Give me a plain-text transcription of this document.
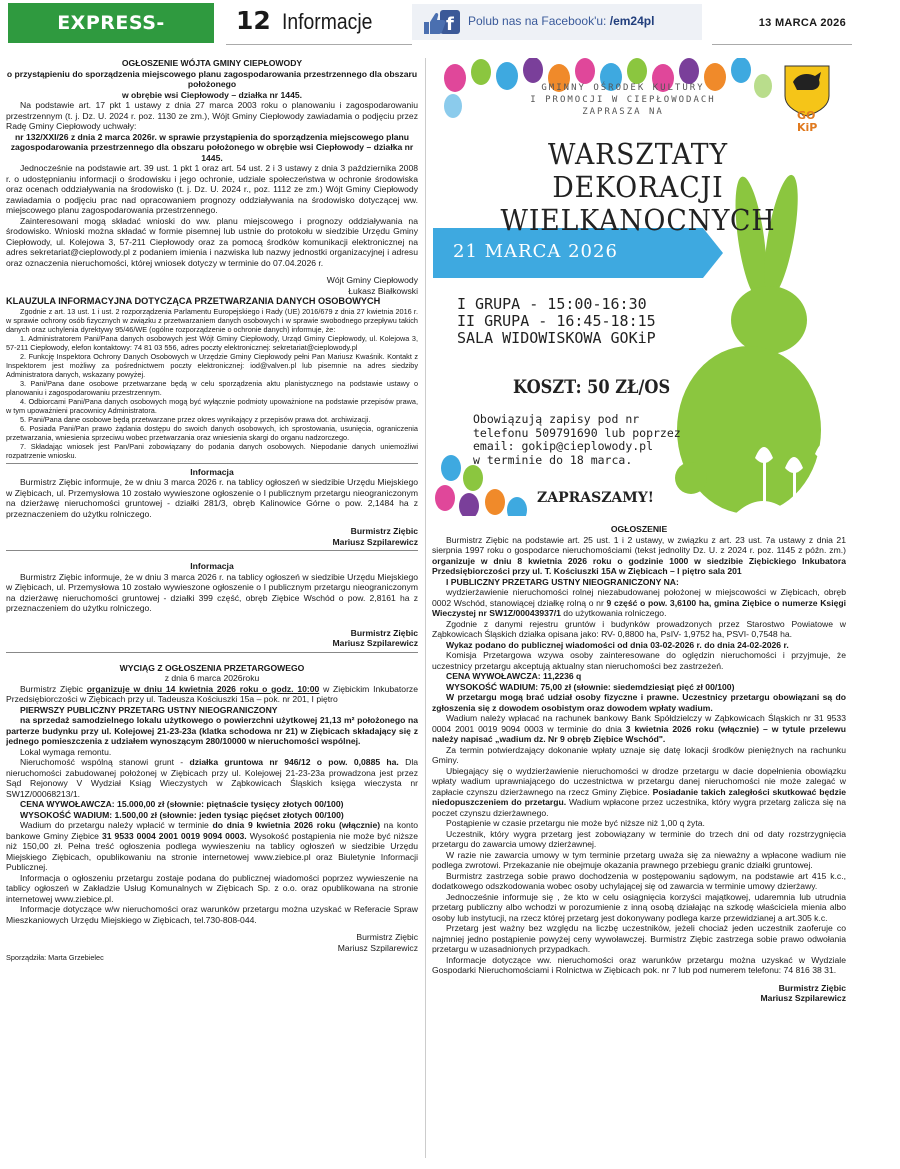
EXPRESS-MIEJSKI.PL
12 Informacje	f Polub nas na Facebook'u: /em24pl	13 MARCA 2026

OGŁOSZENIE WÓJTA GMINY CIEPŁOWODY

o przystąpieniu do sporządzenia miejscowego planu zagospodarowania przestrzennego dla obszaru położonego

w obrębie wsi Ciepłowody – działka nr 1445.

Na podstawie art. 17 pkt 1 ustawy z dnia 27 marca 2003 roku o planowaniu i zagospodarowaniu przestrzennym (t. j. Dz. U. 2024 r. poz. 1130 ze zm.), Wójt Gminy Ciepłowody zawiadamia o podjęciu przez Radę Gminy Ciepłowody uchwały:

nr 132/XXI/26 z dnia 2 marca 2026r. w sprawie przystąpienia do sporządzenia miejscowego planu zagospodarowania przestrzennego dla obszaru położonego w obrębie wsi Ciepłowody – działka nr 1445.

Jednocześnie na podstawie art. 39 ust. 1 pkt 1 oraz art. 54 ust. 2 i 3 ustawy z dnia 3 października 2008 r. o udostępnianiu informacji o środowisku i jego ochronie, udziale społeczeństwa w ochronie środowiska oraz ocenach oddziaływania na środowisko (t. j. Dz. U. 2024 r., poz. 1112 ze zm.) Wójt Gminy Ciepłowody zawiadamia o podjęciu prac nad opracowaniem prognozy oddziaływania na środowisko dotyczącej ww. miejscowego planu zagospodarowania przestrzennego.

Zainteresowani mogą składać wnioski do ww. planu miejscowego i prognozy oddziaływania na środowisko. Wnioski można składać w formie pisemnej lub ustnie do protokołu w siedzibie Urzędu Gminy Ciepłowody, ul. Kolejowa 3, 57-211 Ciepłowody oraz za pomocą środków komunikacji elektronicznej na adres sekretariat@cieplowody.pl z podaniem imienia i nazwiska lub nazwy jednostki organizacyjnej i adresu oraz oznaczenia nieruchomości, której wniosek dotyczy w terminie do 07.04.2026 r.

Wójt Gminy Ciepłowody

Łukasz Białkowski

KLAUZULA INFORMACYJNA DOTYCZĄCA PRZETWARZANIA DANYCH OSOBOWYCH

Zgodnie z art. 13 ust. 1 i ust. 2 rozporządzenia Parlamentu Europejskiego i Rady (UE) 2016/679 z dnia 27 kwietnia 2016 r. w sprawie ochrony osób fizycznych w związku z przetwarzaniem danych osobowych i w sprawie swobodnego przepływu takich danych oraz uchylenia dyrektywy 95/46/WE (ogólne rozporządzenie o ochronie danych) informuje, że:

1. Administratorem Pani/Pana danych osobowych jest Wójt Gminy Ciepłowody, Urząd Gminy Ciepłowody, ul. Kolejowa 3, 57-211 Ciepłowody, elefon kontaktowy: 74 81 03 556, adres poczty elektronicznej: sekretariat@cieplowody.pl

2. Funkcję Inspektora Ochrony Danych Osobowych w Urzędzie Gminy Ciepłowody pełni Pan Mariusz Kwaśnik. Kontakt z Inspektorem jest możliwy za pośrednictwem poczty elektronicznej: iod@valven.pl lub pisemnie na adres siedziby Administratora danych, wskazany powyżej.

3. Pani/Pana dane osobowe przetwarzane będą w celu sporządzenia aktu planistycznego na podstawie ustawy o planowaniu i zagospodarowaniu przestrzennym.

4. Odbiorcami Pani/Pana danych osobowych mogą być wyłącznie podmioty upoważnione na podstawie przepisów prawa, w tym upoważnieni pracownicy Administratora.

5. Pani/Pana dane osobowe będą przetwarzane przez okres wynikający z przepisów prawa dot. archiwizacji.

6. Posiada Pani/Pan prawo żądania dostępu do swoich danych osobowych, ich sprostowania, usunięcia, ograniczenia przetwarzania, wniesienia sprzeciwu wobec przetwarzania oraz wniesienia skargi do organu nadzorczego.

7. Składając wniosek jest Pan/Pani zobowiązany do podania danych osobowych. Niepodanie danych uniemożliwi rozpatrzenie wniosku.

Informacja

Burmistrz Ziębic informuje, że w dniu 3 marca 2026 r. na tablicy ogłoszeń w siedzibie Urzędu Miejskiego w Ziębicach, ul. Przemysłowa 10 zostało wywieszone ogłoszenie o I publicznym przetargu nieograniczonym na dzierżawę nieruchomości gruntowej - działki 281/3, obręb Kalinowice Górne o pow. 2,1484 ha z przeznaczeniem do użytku rolniczego.

Burmistrz Ziębic

Mariusz Szpilarewicz

Informacja

Burmistrz Ziębic informuje, że w dniu 3 marca 2026 r. na tablicy ogłoszeń w siedzibie Urzędu Miejskiego w Ziębicach, ul. Przemysłowa 10 zostało wywieszone ogłoszenie o I publicznym przetargu nieograniczonym na dzierżawę nieruchomości gruntowej - działki 399 część, obręb Ziębice Wschód o pow. 2,8161 ha z przeznaczeniem do użytku rolniczego.

Burmistrz Ziębic

Mariusz Szpilarewicz

WYCIĄG Z OGŁOSZENIA PRZETARGOWEGO

z dnia 6 marca 2026roku

Burmistrz Ziębic organizuje w dniu 14 kwietnia 2026 roku o godz. 10:00 w Ziębickim Inkubatorze Przedsiębiorczości w Ziębicach przy ul. Tadeusza Kościuszki 15a – pok. nr 201, I piętro

PIERWSZY PUBLICZNY PRZETARG USTNY NIEOGRANICZONY

na sprzedaż samodzielnego lokalu użytkowego o powierzchni użytkowej 21,13 m² położonego na parterze budynku przy ul. Kolejowej 21-23-23a (klatka schodowa nr 21) w Ziębicach składający się z jednego pomieszczenia z udziałem wynoszącym 280/10000 w nieruchomości wspólnej.

Lokal wymaga remontu.

Nieruchomość wspólną stanowi grunt - działka gruntowa nr 946/12 o pow. 0,0885 ha. Dla nieruchomości zabudowanej położonej w Ziębicach przy ul. Kolejowej 21-23-23a prowadzona jest przez Sąd Rejonowy V Wydział Ksiąg Wieczystych w Ząbkowicach Śląskich księga wieczysta nr SW1Z/00068213/1.

CENA WYWOŁAWCZA: 15.000,00 zł (słownie: piętnaście tysięcy złotych 00/100)

WYSOKOŚĆ WADIUM: 1.500,00 zł (słownie: jeden tysiąc pięćset złotych 00/100)

Wadium do przetargu należy wpłacić w terminie do dnia 9 kwietnia 2026 roku (włącznie) na konto bankowe Gminy Ziębice 31 9533 0004 2001 0019 9094 0003. Wysokość postąpienia nie może być niższe niż 150,00 zł. Pełna treść ogłoszenia podlega wywieszeniu na tablicy ogłoszeń w siedzibie Urzędu Miejskiego Ziębicach, opublikowaniu na stronie internetowej www.ziebice.pl oraz Biuletynie Informacji Publicznej.

Informacja o ogłoszeniu przetargu zostaje podana do publicznej wiadomości poprzez wywieszenie na tablicy ogłoszeń w Zakładzie Usług Komunalnych w Ziębicach Sp. z o.o. oraz opublikowana na stronie internetowej www.ziebice.pl.

Informacje dotyczące w/w nieruchomości oraz warunków przetargu można uzyskać w Referacie Spraw Mieszkaniowych Urzędu Miejskiego w Ziębicach, tel.730-808-044.

Burmistrz Ziębic

Mariusz Szpilarewicz

Sporządziła: Marta Grzebielec

GMINNY OŚRODEK KULTURY
I PROMOCJI W CIEPŁOWODACH
ZAPRASZA NA	GO
KiP
WARSZTATY DEKORACJI
WIELKANOCNYCH
21 MARCA 2026
I GRUPA - 15:00-16:30
II GRUPA - 16:45-18:15
SALA WIDOWISKOWA GOKiP
KOSZT: 50 ZŁ/OS
Obowiązują zapisy pod nr
telefonu 509791690 lub poprzez
email: gokip@cieplowody.pl
w terminie do 18 marca.
ZAPRASZAMY!

OGŁOSZENIE

Burmistrz Ziębic na podstawie art. 25 ust. 1 i 2 ustawy, w związku z art. 23 ust. 7a ustawy z dnia 21 sierpnia 1997 roku o gospodarce nieruchomościami (tekst jednolity Dz. U. z 2024 r. poz. 1145 z późn. zm.) organizuje w dniu 8 kwietnia 2026 roku o godzinie 1000 w siedzibie Ziębickiego Inkubatora Przedsiębiorczości przy ul. T. Kościuszki 15A w Ziębicach – I piętro sala 201

I PUBLICZNY PRZETARG USTNY NIEOGRANICZONY NA:

wydzierżawienie nieruchomości rolnej niezabudowanej położonej w miejscowości w Ziębicach, obręb 0002 Wschód, stanowiącej działkę rolną o nr 9 część o pow. 3,6100 ha, gmina Ziębice o numerze Księgi Wieczystej nr SW1Z/00043937/1 do użytkowania rolniczego.

Zgodnie z danymi rejestru gruntów i budynków prowadzonych przez Starostwo Powiatowe w Ząbkowicach Śląskich działka opisana jako: RV- 0,8800 ha, PsIV- 1,9752 ha, PSVI- 0,7548 ha.

Wykaz podano do publicznej wiadomości od dnia 03-02-2026 r. do dnia 24-02-2026 r.

Komisja Przetargowa wzywa osoby zainteresowane do oględzin nieruchomości i przyjmuje, że uczestnicy przetargu akceptują aktualny stan nieruchomości bez zastrzeżeń.

CENA WYWOŁAWCZA: 11,2236 q

WYSOKOŚĆ WADIUM: 75,00 zł (słownie: siedemdziesiąt pięć zł 00/100)

W przetargu mogą brać udział osoby fizyczne i prawne. Uczestnicy przetargu obowiązani są do zgłoszenia się z dowodem osobistym oraz dowodem wpłaty wadium.

Wadium należy wpłacać na rachunek bankowy Bank Spółdzielczy w Ząbkowicach Śląskich nr 31 9533 0004 2001 0019 9094 0003 w terminie do dnia 3 kwietnia 2026 roku (włącznie) – w tytule przelewu należy napisać „wadium dz. Nr 9 obręb Ziębice Wschód".

Za termin potwierdzający dokonanie wpłaty uznaje się datę lokacji środków pieniężnych na rachunku Gminy.

Ubiegający się o wydzierżawienie nieruchomości w drodze przetargu w dacie dopełnienia obowiązku wpłaty wadium uprawniającego do uczestnictwa w przetargu danej nieruchomości nie może zalegać w zapłacie czynszu dzierżawnego na rzecz Gminy Ziębice. Posiadanie takich zaległości skutkować będzie niedopuszczeniem do przetargu. Wadium wpłacone przez uczestnika, który wygra przetarg zalicza się na poczet czynszu dzierżawnego.

Postąpienie w czasie przetargu nie może być niższe niż 1,00 q żyta.

Uczestnik, który wygra przetarg jest zobowiązany w terminie do trzech dni od daty rozstrzygnięcia przetargu do zawarcia umowy dzierżawnej.

W razie nie zawarcia umowy w tym terminie przetarg uważa się za nieważny a wpłacone wadium nie podlega zwrotowi. Przekazanie nie obejmuje okazania prawnego przebiegu granic działki gruntowej.

Burmistrz zastrzega sobie prawo dochodzenia w postępowaniu sądowym, na podstawie art 415 k.c., dodatkowego odszkodowania wobec osoby uchylającej się od zawarcia w terminie umowy dzierżawy.

Jednocześnie informuje się , że kto w celu osiągnięcia korzyści majątkowej, udaremnia lub utrudnia przetarg publiczny albo wchodzi w porozumienie z inną osobą działając na szkodę właściciela mienia albo osoby lub instytucji, na rzecz której przetarg jest dokonywany podlega karze przewidzianej a art.305 k.c.

Przetarg jest ważny bez względu na liczbę uczestników, jeżeli chociaż jeden uczestnik zaoferuje co najmniej jedno postąpienie powyżej ceny wywoławczej. Burmistrz Ziębic zastrzega sobie prawo odwołania przetargu w uzasadnionych przypadkach.

Informacje dotyczące ww. nieruchomości oraz warunków przetargu można uzyskać w Wydziale Gospodarki Nieruchomościami i Rolnictwa w Ziębicach pok. nr 7 lub pod numerem telefonu: 74 816 38 31.

Burmistrz Ziębic

Mariusz Szpilarewicz
